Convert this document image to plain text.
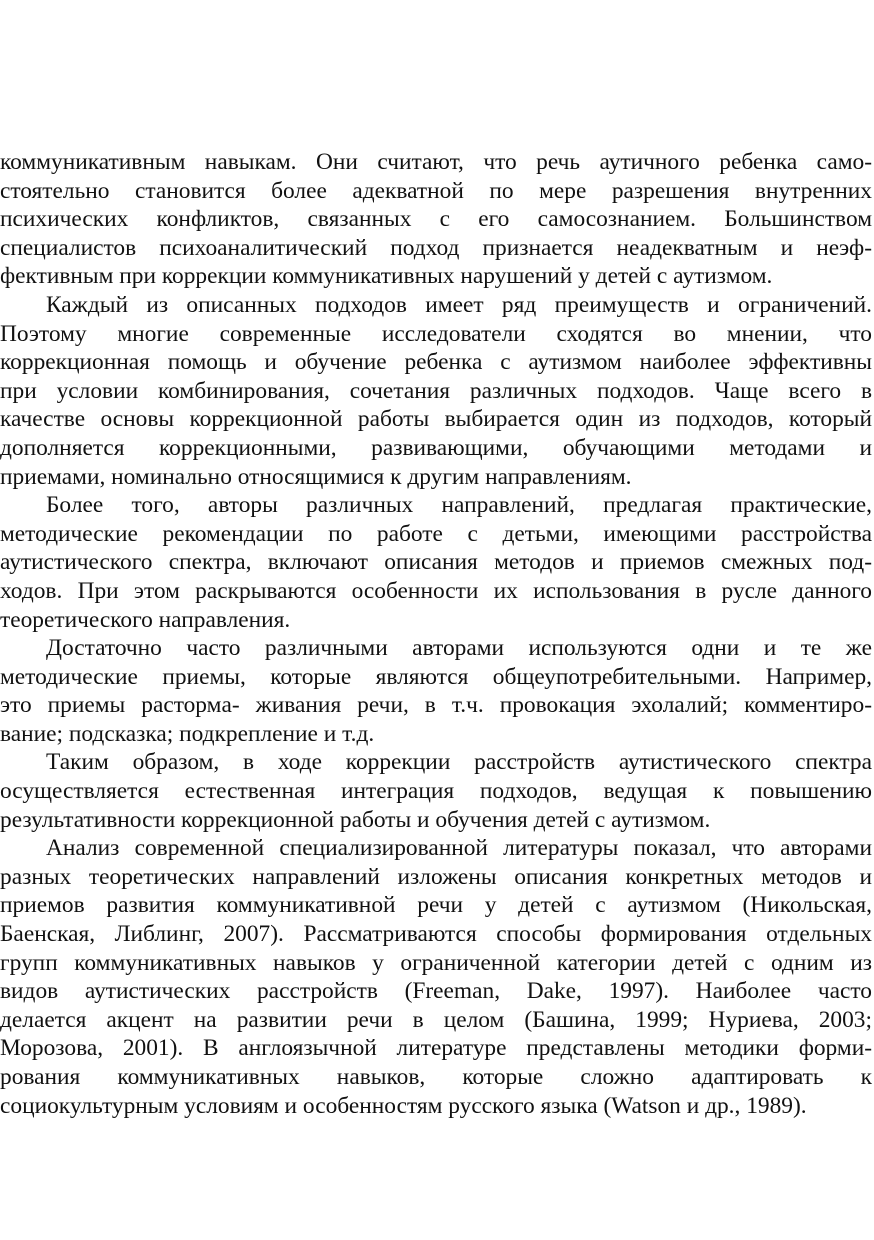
коммуникативным навыкам. Они считают, что речь аутичного ребенка само-
стоятельно становится более адекватной по мере разрешения внутренних
психических конфликтов, связанных с его самосознанием. Большинством
специалистов психоаналитический подход признается неадекватным и неэф-
фективным при коррекции коммуникативных нарушений у детей с аутизмом.
Каждый из описанных подходов имеет ряд преимуществ и ограничений.
Поэтому многие современные исследователи сходятся во мнении, что
коррекционная помощь и обучение ребенка с аутизмом наиболее эффективны
при условии комбинирования, сочетания различных подходов. Чаще всего в
качестве основы коррекционной работы выбирается один из подходов, который
дополняется коррекционными, развивающими, обучающими методами и
приемами, номинально относящимися к другим направлениям.
Более того, авторы различных направлений, предлагая практические,
методические рекомендации по работе с детьми, имеющими расстройства
аутистического спектра, включают описания методов и приемов смежных под-
ходов. При этом раскрываются особенности их использования в русле данного
теоретического направления.
Достаточно часто различными авторами используются одни и те же
методические приемы, которые являются общеупотребительными. Например,
это приемы растормa- живания речи, в т.ч. провокация эхолалий; комментиро-
вание; подсказка; подкрепление и т.д.
Таким образом, в ходе коррекции расстройств аутистического спектра
осуществляется естественная интеграция подходов, ведущая к повышению
результативности коррекционной работы и обучения детей с аутизмом.
Анализ современной специализированной литературы показал, что авторами
разных теоретических направлений изложены описания конкретных методов и
приемов развития коммуникативной речи у детей с аутизмом (Никольская,
Баенская, Либлинг, 2007). Рассматриваются способы формирования отдельных
групп коммуникативных навыков у ограниченной категории детей с одним из
видов аутистических расстройств (Freeman, Dake, 1997). Наиболее часто
делается акцент на развитии речи в целом (Башина, 1999; Нуриева, 2003;
Морозова, 2001). В англоязычной литературе представлены методики форми-
рования коммуникативных навыков, которые сложно адаптировать к
социокультурным условиям и особенностям русского языка (Watson и др., 1989).
